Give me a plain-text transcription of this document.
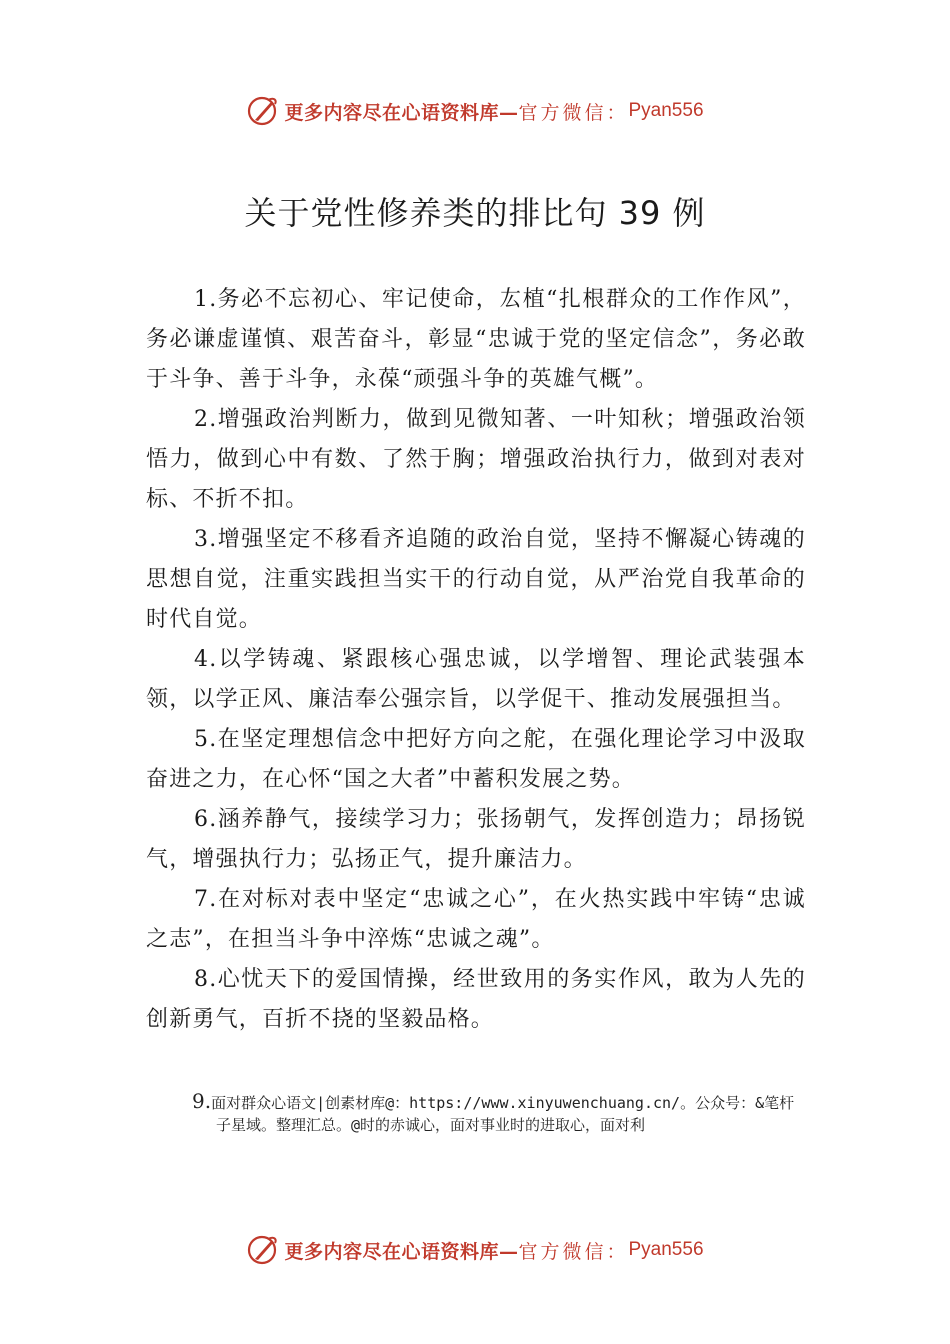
更多内容尽在心语资料库— 官方微信： Pyan556
关于党性修养类的排比句 39 例

1.务必不忘初心、牢记使命，厷植“扎根群众的工作作风”，务必谦虚谨慎、艰苦奋斗，彰显“忠诚于党的坚定信念”，务必敢于斗争、善于斗争，永葆“顽强斗争的英雄气概”。

2.增强政治判断力，做到见微知著、一叶知秋；增强政治领悟力，做到心中有数、了然于胸；增强政治执行力，做到对表对标、不折不扣。

3.增强坚定不移看齐追随的政治自觉，坚持不懈凝心铸魂的思想自觉，注重实践担当实干的行动自觉，从严治党自我革命的时代自觉。

4.以学铸魂、紧跟核心强忠诚，以学增智、理论武装强本领，以学正风、廉洁奉公强宗旨，以学促干、推动发展强担当。

5.在坚定理想信念中把好方向之舵，在强化理论学习中汲取奋进之力，在心怀“国之大者”中蓄积发展之势。

6.涵养静气，接续学习力；张扬朝气，发挥创造力；昂扬锐气，增强执行力；弘扬正气，提升廉洁力。

7.在对标对表中坚定“忠诚之心”，在火热实践中牢铸“忠诚之志”，在担当斗争中淬炼“忠诚之魂”。

8.心忧天下的爱国情操，经世致用的务实作风，敢为人先的创新勇气，百折不挠的坚毅品格。

9.面对群众心语文|创素材库@：https://www.xinyuwenchuang.cn/。公众号：&笔杆
子星域。整理汇总。@时的赤诚心，面对事业时的进取心，面对利
更多内容尽在心语资料库— 官方微信： Pyan556
